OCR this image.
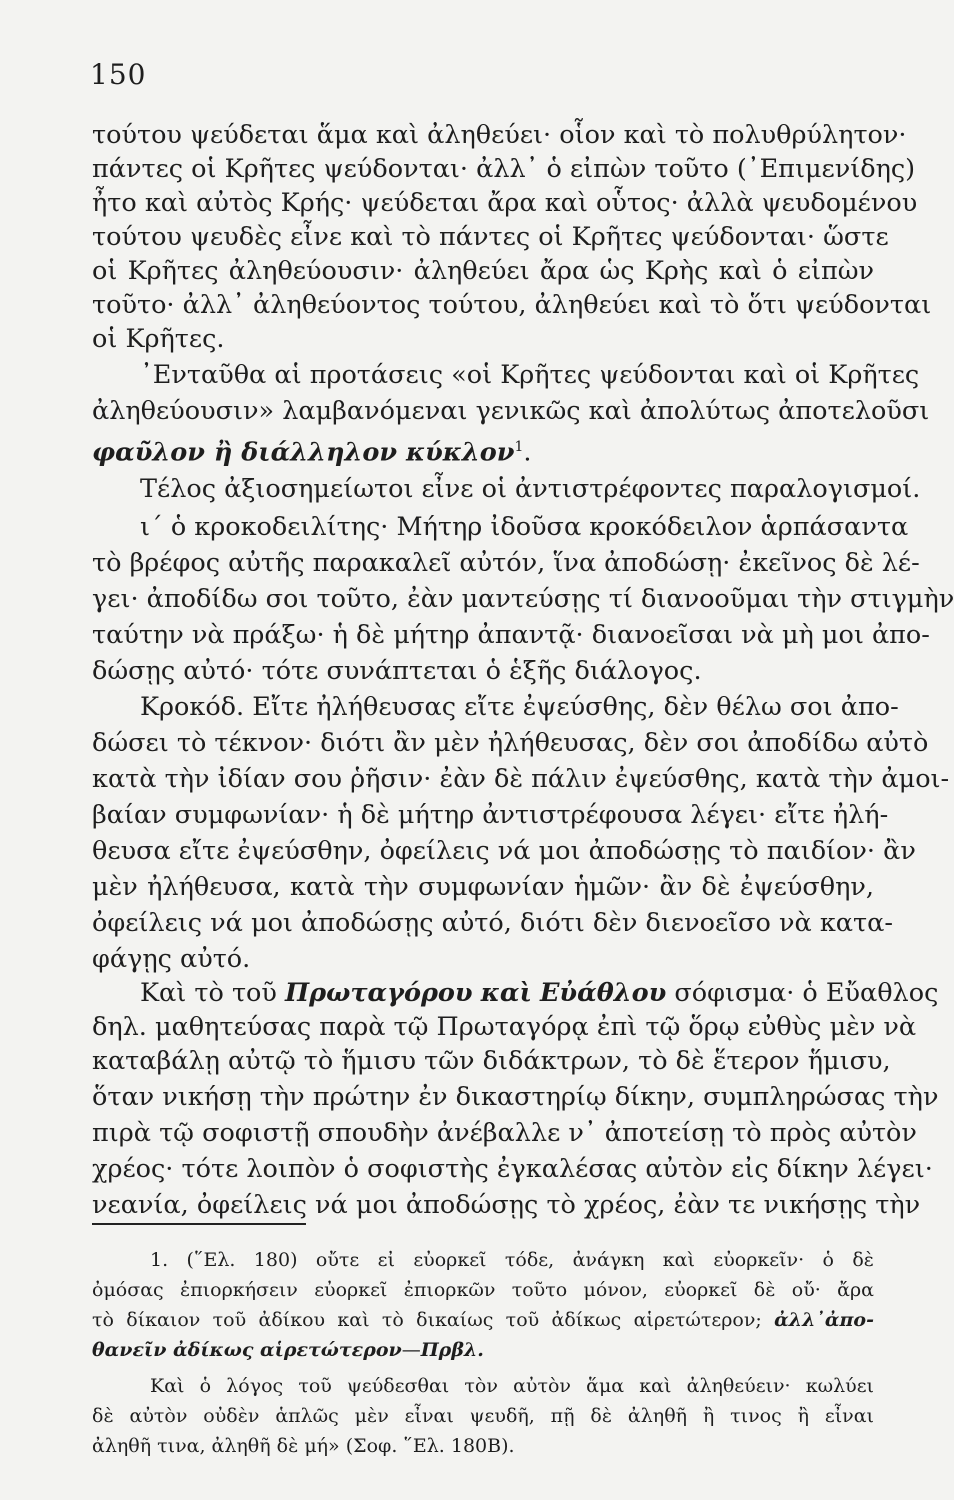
150
τούτου ψεύδεται ἅμα καὶ ἀληθεύει· οἷον καὶ τὸ πολυθρύλητον·
πάντες οἱ Κρῆτες ψεύδονται· ἀλλ᾽ ὁ εἰπὼν τοῦτο (᾽Επιμενίδης)
ἦτο καὶ αὐτὸς Κρής· ψεύδεται ἄρα καὶ οὗτος· ἀλλὰ ψευδομένου
τούτου ψευδὲς εἶνε καὶ τὸ πάντες οἱ Κρῆτες ψεύδονται· ὥστε
οἱ Κρῆτες ἀληθεύουσιν· ἀληθεύει ἄρα ὡς Κρὴς καὶ ὁ εἰπὼν
τοῦτο· ἀλλ᾽ ἀληθεύοντος τούτου, ἀληθεύει καὶ τὸ ὅτι ψεύδονται
οἱ Κρῆτες.
᾽Ενταῦθα αἱ προτάσεις «οἱ Κρῆτες ψεύδονται καὶ οἱ Κρῆτες
ἀληθεύουσιν» λαμβανόμεναι γενικῶς καὶ ἀπολύτως ἀποτελοῦσι
φαῦλον ἢ διάλληλον κύκλον$^1$.
Τέλος ἀξιοσημείωτοι εἶνε οἱ ἀντιστρέφοντες παραλογισμοί.
ι΄ ὁ κροκοδειλίτης· Μήτηρ ἰδοῦσα κροκόδειλον ἁρπάσαντα
τὸ βρέφος αὐτῆς παρακαλεῖ αὐτόν, ἵνα ἀποδώσῃ· ἐκεῖνος δὲ λέ-
γει· ἀποδίδω σοι τοῦτο, ἐὰν μαντεύσῃς τί διανοοῦμαι τὴν στιγμὴν
ταύτην νὰ πράξω· ἡ δὲ μήτηρ ἀπαντᾷ· διανοεῖσαι νὰ μὴ μοι ἀπο-
δώσῃς αὐτό· τότε συνάπτεται ὁ ἑξῆς διάλογος.
Κροκόδ. Εἴτε ἠλήθευσας εἴτε ἐψεύσθης, δὲν θέλω σοι ἀπο-
δώσει τὸ τέκνον· διότι ἂν μὲν ἠλήθευσας, δὲν σοι ἀποδίδω αὐτὸ
κατὰ τὴν ἰδίαν σου ῥῆσιν· ἐὰν δὲ πάλιν ἐψεύσθης, κατὰ τὴν ἀμοι-
βαίαν συμφωνίαν· ἡ δὲ μήτηρ ἀντιστρέφουσα λέγει· εἴτε ἠλή-
θευσα εἴτε ἐψεύσθην, ὀφείλεις νά μοι ἀποδώσῃς τὸ παιδίον· ἂν
μὲν ἠλήθευσα, κατὰ τὴν συμφωνίαν ἡμῶν· ἂν δὲ ἐψεύσθην,
ὀφείλεις νά μοι ἀποδώσῃς αὐτό, διότι δὲν διενοεῖσο νὰ κατα-
φάγῃς αὐτό.
Καὶ τὸ τοῦ Πρωταγόρου καὶ Εὐάθλου σόφισμα· ὁ Εὔαθλος
δηλ. μαθητεύσας παρὰ τῷ Πρωταγόρᾳ ἐπὶ τῷ ὅρῳ εὐθὺς μὲν νὰ
καταβάλῃ αὐτῷ τὸ ἥμισυ τῶν διδάκτρων, τὸ δὲ ἕτερον ἥμισυ,
ὅταν νικήσῃ τὴν πρώτην ἐν δικαστηρίῳ δίκην, συμπληρώσας τὴν
πιρὰ τῷ σοφιστῇ σπουδὴν ἀνέβαλλε ν᾽ ἀποτείσῃ τὸ πρὸς αὐτὸν
χρέος· τότε λοιπὸν ὁ σοφιστὴς ἐγκαλέσας αὐτὸν εἰς δίκην λέγει·
νεανία, ὀφείλεις νά μοι ἀποδώσῃς τὸ χρέος, ἐὰν τε νικήσῃς τὴν
1. (῞Ελ. 180) οὔτε εἰ εὐορκεῖ τόδε, ἀνάγκη καὶ εὐορκεῖν· ὁ δὲ
ὀμόσας ἐπιορκήσειν εὐορκεῖ ἐπιορκῶν τοῦτο μόνον, εὐορκεῖ δὲ οὔ· ἄρα
τὸ δίκαιον τοῦ ἀδίκου καὶ τὸ δικαίως τοῦ ἀδίκως αἱρετώτερον; ἀλλ᾽ἀπο-
θανεῖν ἀδίκως αἱρετώτερον—Πρβλ.
Καὶ ὁ λόγος τοῦ ψεύδεσθαι τὸν αὐτὸν ἅμα καὶ ἀληθεύειν· κωλύει
δὲ αὐτὸν οὐδὲν ἁπλῶς μὲν εἶναι ψευδῆ, πῇ δὲ ἀληθῆ ἢ τινος ἢ εἶναι
ἀληθῆ τινα, ἀληθῆ δὲ μή» (Σοφ. ῞Ελ. 180Β).
